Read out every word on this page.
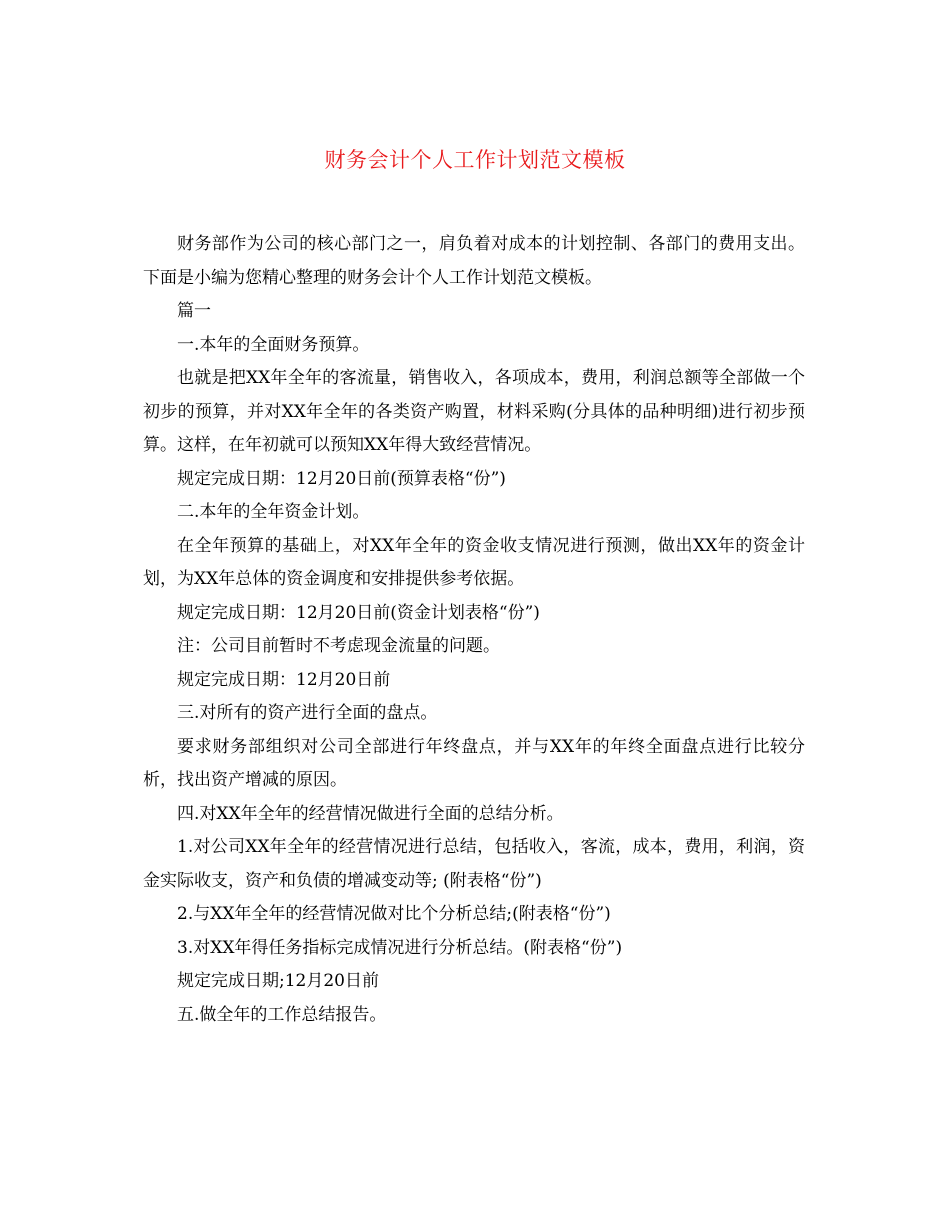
财务会计个人工作计划范文模板

财务部作为公司的核心部门之一，肩负着对成本的计划控制、各部门的费用支出。下面是小编为您精心整理的财务会计个人工作计划范文模板。

篇一

一.本年的全面财务预算。

也就是把XX年全年的客流量，销售收入，各项成本，费用，利润总额等全部做一个初步的预算，并对XX年全年的各类资产购置，材料采购(分具体的品种明细)进行初步预算。这样，在年初就可以预知XX年得大致经营情况。

规定完成日期：12月20日前(预算表格“份”)

二.本年的全年资金计划。

在全年预算的基础上，对XX年全年的资金收支情况进行预测，做出XX年的资金计划，为XX年总体的资金调度和安排提供参考依据。

规定完成日期：12月20日前(资金计划表格“份”)

注：公司目前暂时不考虑现金流量的问题。

规定完成日期：12月20日前

三.对所有的资产进行全面的盘点。

要求财务部组织对公司全部进行年终盘点，并与XX年的年终全面盘点进行比较分析，找出资产增减的原因。

四.对XX年全年的经营情况做进行全面的总结分析。

1.对公司XX年全年的经营情况进行总结，包括收入，客流，成本，费用，利润，资金实际收支，资产和负债的增减变动等; (附表格“份”)

2.与XX年全年的经营情况做对比个分析总结;(附表格“份”)

3.对XX年得任务指标完成情况进行分析总结。(附表格“份”)

规定完成日期;12月20日前

五.做全年的工作总结报告。
